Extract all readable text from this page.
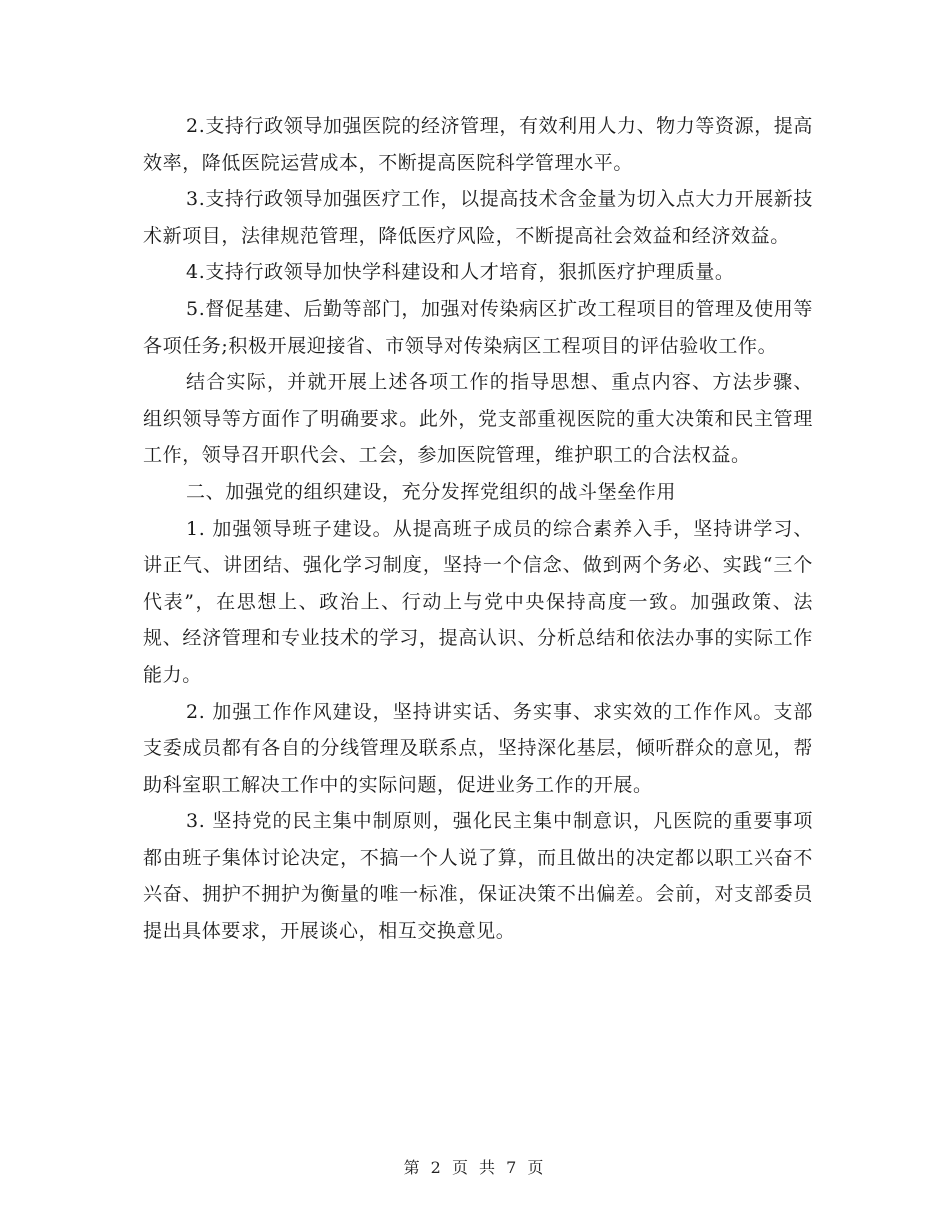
2.支持行政领导加强医院的经济管理，有效利用人力、物力等资源，提高效率，降低医院运营成本，不断提高医院科学管理水平。

3.支持行政领导加强医疗工作，以提高技术含金量为切入点大力开展新技术新项目，法律规范管理，降低医疗风险，不断提高社会效益和经济效益。

4.支持行政领导加快学科建设和人才培育，狠抓医疗护理质量。

5.督促基建、后勤等部门，加强对传染病区扩改工程项目的管理及使用等各项任务;积极开展迎接省、市领导对传染病区工程项目的评估验收工作。

结合实际，并就开展上述各项工作的指导思想、重点内容、方法步骤、组织领导等方面作了明确要求。此外，党支部重视医院的重大决策和民主管理工作，领导召开职代会、工会，参加医院管理，维护职工的合法权益。

二、加强党的组织建设，充分发挥党组织的战斗堡垒作用

1. 加强领导班子建设。从提高班子成员的综合素养入手，坚持讲学习、讲正气、讲团结、强化学习制度，坚持一个信念、做到两个务必、实践“三个代表”，在思想上、政治上、行动上与党中央保持高度一致。加强政策、法规、经济管理和专业技术的学习，提高认识、分析总结和依法办事的实际工作能力。

2. 加强工作作风建设，坚持讲实话、务实事、求实效的工作作风。支部支委成员都有各自的分线管理及联系点，坚持深化基层，倾听群众的意见，帮助科室职工解决工作中的实际问题，促进业务工作的开展。

3. 坚持党的民主集中制原则，强化民主集中制意识，凡医院的重要事项都由班子集体讨论决定，不搞一个人说了算，而且做出的决定都以职工兴奋不兴奋、拥护不拥护为衡量的唯一标准，保证决策不出偏差。会前，对支部委员提出具体要求，开展谈心，相互交换意见。

第 2 页 共 7 页
